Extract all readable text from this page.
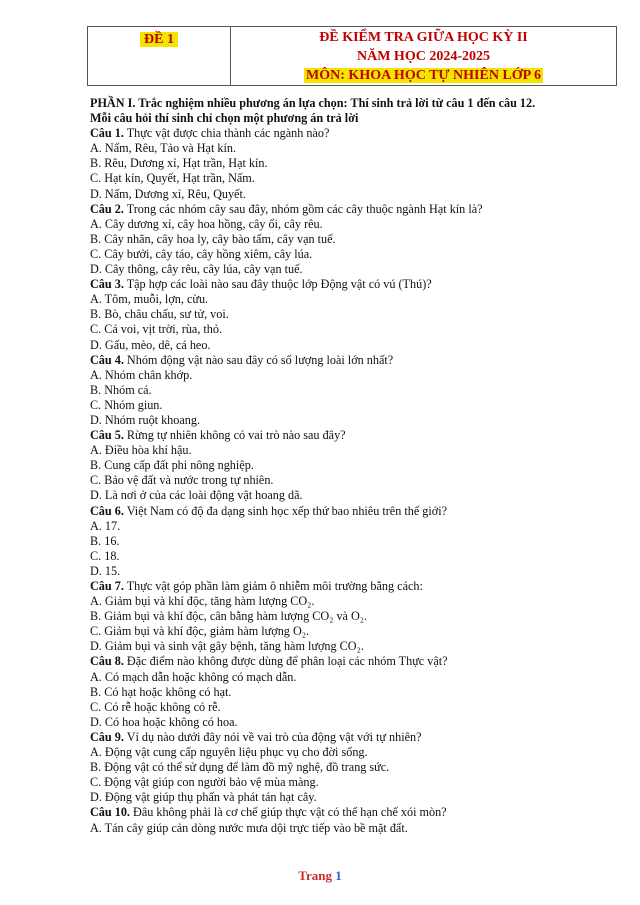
ĐỀ 1	ĐỀ KIỂM TRA GIỮA HỌC KỲ II
NĂM HỌC 2024-2025
MÔN: KHOA HỌC TỰ NHIÊN LỚP 6
PHẦN I. Trắc nghiệm nhiều phương án lựa chọn: Thí sinh trả lời từ câu 1 đến câu 12.
Mỗi câu hỏi thí sinh chỉ chọn một phương án trả lời
Câu 1. Thực vật được chia thành các ngành nào?
A. Nấm, Rêu, Tảo và Hạt kín.
B. Rêu, Dương xỉ, Hạt trần, Hạt kín.
C. Hạt kín, Quyết, Hạt trần, Nấm.
D. Nấm, Dương xỉ, Rêu, Quyết.
Câu 2. Trong các nhóm cây sau đây, nhóm gồm các cây thuộc ngành Hạt kín là?
A. Cây dương xỉ, cây hoa hồng, cây ổi, cây rêu.
B. Cây nhãn, cây hoa ly, cây bào tấm, cây vạn tuế.
C. Cây bưởi, cây táo, cây hồng xiêm, cây lúa.
D. Cây thông, cây rêu, cây lúa, cây vạn tuế.
Câu 3. Tập hợp các loài nào sau đây thuộc lớp Động vật có vú (Thú)?
A. Tôm, muỗi, lợn, cừu.
B. Bò, châu chấu, sư tử, voi.
C. Cá voi, vịt trời, rùa, thỏ.
D. Gấu, mèo, dê, cá heo.
Câu 4. Nhóm động vật nào sau đây có số lượng loài lớn nhất?
A. Nhóm chân khớp.
B. Nhóm cá.
C. Nhóm giun.
D. Nhóm ruột khoang.
Câu 5. Rừng tự nhiên không có vai trò nào sau đây?
A. Điều hòa khí hậu.
B. Cung cấp đất phi nông nghiệp.
C. Bảo vệ đất và nước trong tự nhiên.
D. Là nơi ở của các loài động vật hoang dã.
Câu 6. Việt Nam có độ đa dạng sinh học xếp thứ bao nhiêu trên thế giới?
A. 17.
B. 16.
C. 18.
D. 15.
Câu 7. Thực vật góp phần làm giảm ô nhiễm môi trường bằng cách:
A. Giảm bụi và khí độc, tăng hàm lượng CO₂.
B. Giảm bụi và khí độc, cân bằng hàm lượng CO₂ và O₂.
C. Giảm bụi và khí độc, giảm hàm lượng O₂.
D. Giảm bụi và sinh vật gây bệnh, tăng hàm lượng CO₂.
Câu 8. Đặc điểm nào không được dùng để phân loại các nhóm Thực vật?
A. Có mạch dẫn hoặc không có mạch dẫn.
B. Có hạt hoặc không có hạt.
C. Có rễ hoặc không có rễ.
D. Có hoa hoặc không có hoa.
Câu 9. Ví dụ nào dưới đây nói về vai trò của động vật với tự nhiên?
A. Động vật cung cấp nguyên liệu phục vụ cho đời sống.
B. Động vật có thể sử dụng để làm đồ mỹ nghệ, đồ trang sức.
C. Động vật giúp con người bảo vệ mùa màng.
D. Động vật giúp thụ phấn và phát tán hạt cây.
Câu 10. Đâu không phải là cơ chế giúp thực vật có thể hạn chế xói mòn?
A. Tán cây giúp cản dòng nước mưa dội trực tiếp vào bề mặt đất.
Trang 1
